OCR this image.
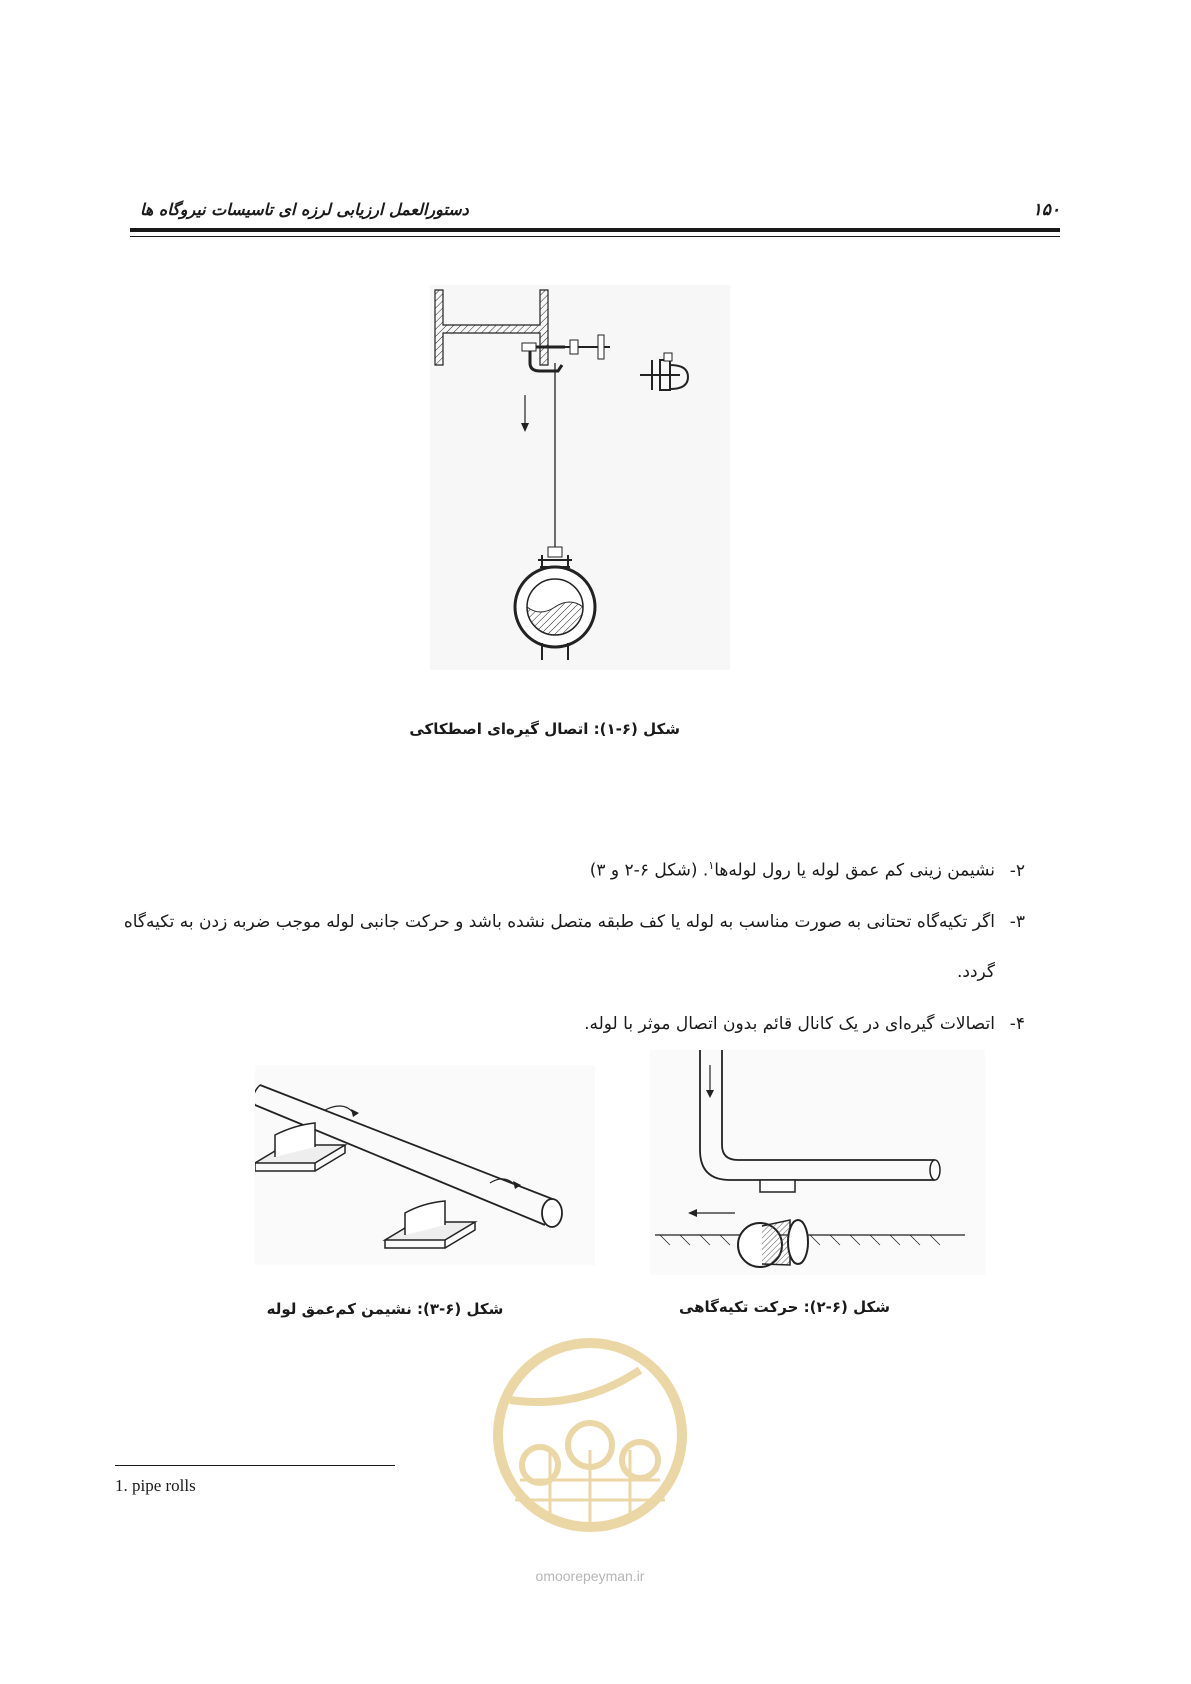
دستورالعمل ارزیابی لرزه ای تاسیسات نیروگاه ها	۱۵۰
شکل (۶-۱): اتصال گیره‌ای اصطکاکی
۲-نشیمن زینی کم عمق لوله یا رول لوله‌ها$^۱$. (شکل ۶-۲ و ۳)
۳-اگر تکیه‌گاه تحتانی به صورت مناسب به لوله یا کف طبقه متصل نشده باشد و حرکت جانبی لوله موجب ضربه زدن به تکیه‌گاه
گردد.
۴-اتصالات گیره‌ای در یک کانال قائم بدون اتصال موثر با لوله.
شکل (۶-۳): نشیمن کم‌عمق لوله	شکل (۶-۲): حرکت تکیه‌گاهی
omoorepeyman.ir
1. pipe rolls
